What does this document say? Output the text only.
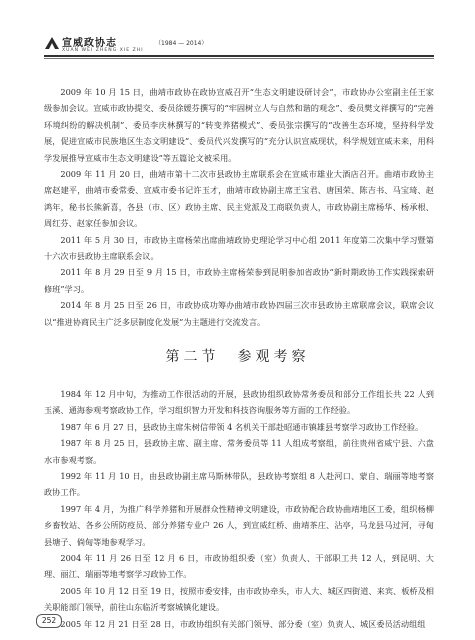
宣威政协志	（1984 — 2014）
XUAN WEI ZHENG XIE ZHI

2009 年 10 月 15 日，曲靖市政协在政协宣威召开“生态文明建设研讨会”，市政协办公室副主任王家级参加会议。宣威市政协提交、委员徐媛芬撰写的“牢固树立人与自然和谐的观念”、委员樊文祥撰写的“完善环境纠纷的解决机制”、委员李庆林撰写的“转变养猪模式”、委员张宗撰写的“改善生态环境，坚持科学发展，促进宣威市民族地区生态文明建设”、委员代兴发撰写的“充分认识宣威现状，科学规划宣威未来，用科学发展推导宣威市生态文明建设”等五篇论文被采用。

2009 年 11 月 20 日，曲靖市第十二次市县政协主席联系会在宣威市雄业大酒店召开。曲靖市政协主席赵建平，曲靖市委常委、宣威市委书记许玉才，曲靖市政协副主席王宝君、唐国荣、陈吉书、马宝琦、赵鸿年，秘书长熊新喜，各县（市、区）政协主席、民主党派及工商联负责人，市政协副主席杨华、杨承根、周红芬、赵家任参加会议。

2011 年 5 月 30 日，市政协主席杨荣出席曲靖政协史理论学习中心组 2011 年度第二次集中学习暨第十六次市县政协主席联系会议。

2011 年 8 月 29 日至 9 月 15 日，市政协主席杨荣参到昆明参加省政协“新时期政协工作实践探索研修班”学习。

2014 年 8 月 25 日至 26 日，市政协成功筹办曲靖市政协四届三次市县政协主席联席会议，联席会议以“推进协商民主广泛多层制度化发展”为主题进行交流发言。

第二节　参观考察

1984 年 12 月中旬，为推动工作很活动的开展，县政协组织政协常务委员和部分工作组长共 22 人到玉溪、通海参观考察政协工作，学习组织智力开发和科技咨询服务等方面的工作经验。

1987 年 6 月 27 日，县政协主席朱树信带领 4 名机关干部赴昭通市镇雄县考察学习政协工作经验。

1987 年 8 月 25 日，县政协主席、副主席、常务委员等 11 人组成考察组，前往贵州省威宁县、六盘水市参观考察。

1992 年 11 月 10 日，由县政协副主席马斯林带队，县政协考察组 8 人赴河口、蒙自、瑞丽等地考察政协工作。

1997 年 4 月，为推广科学养猪和开展群众性精神文明建设，市政协配合政协曲靖地区工委，组织杨柳乡畜牧站、各乡公所防疫员、部分养猪专业户 26 人，到宣威红桥、曲靖茶庄、沾亭，马龙县马过河，寻甸县塘子、倘甸等地参观学习。

2004 年 11 月 26 日至 12 月 6 日，市政协组织委（室）负责人、干部职工共 12 人，到昆明、大理、丽江、瑞丽等地考察学习政协工作。

2005 年 10 月 12 日至 19 日，按照市委安排，由市政协牵头，市人大、城区四街道、来宾、板桥及相关职能部门领导，前往山东临沂考察城镇化建设。

2005 年 12 月 21 日至 28 日，市政协组织有关部门领导、部分委（室）负责人、城区委员活动组组

252
